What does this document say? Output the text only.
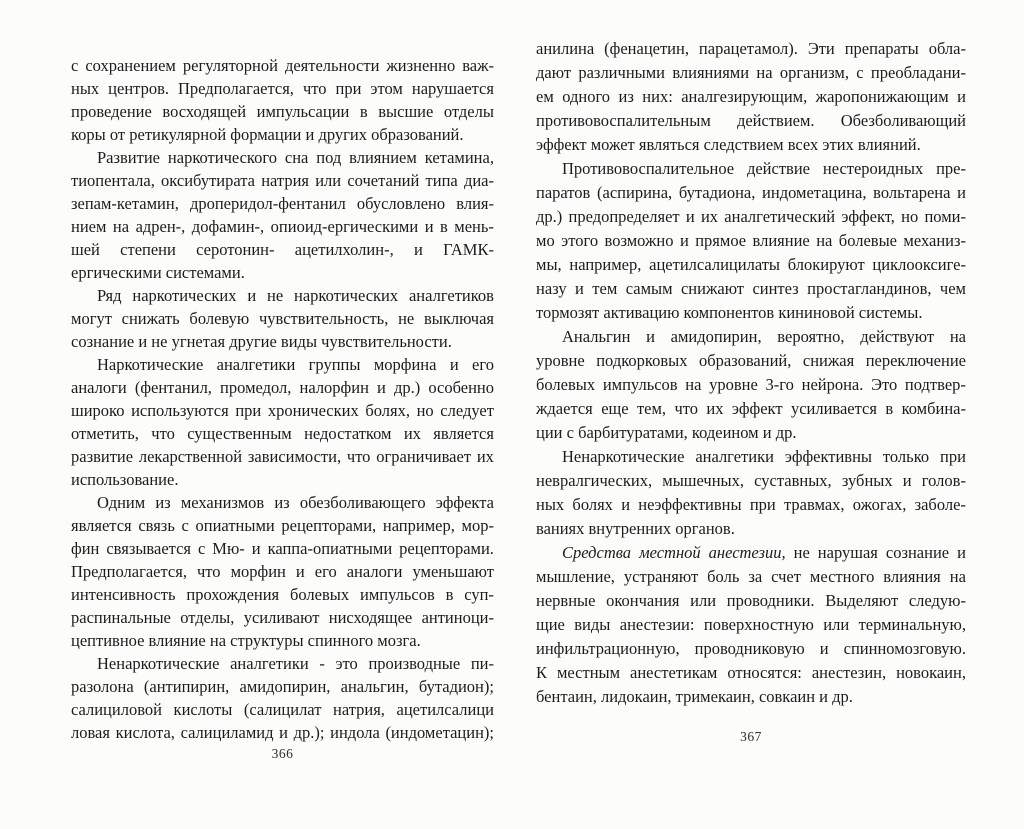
с сохранением регуляторной деятельности жизненно важ-
ных центров. Предполагается, что при этом нарушается
проведение восходящей импульсации в высшие отделы
коры от ретикулярной формации и других образований.

Развитие наркотического сна под влиянием кетамина,
тиопентала, оксибутирата натрия или сочетаний типа диа-
зепам-кетамин, дроперидол-фентанил обусловлено влия-
нием на адрен-, дофамин-, опиоид-ергическими и в мень-
шей степени серотонин- ацетилхолин-, и ГАМК-
ергическими системами.

Ряд наркотических и не наркотических аналгетиков
могут снижать болевую чувствительность, не выключая
сознание и не угнетая другие виды чувствительности.

Наркотические аналгетики группы морфина и его
аналоги (фентанил, промедол, налорфин и др.) особенно
широко используются при хронических болях, но следует
отметить, что существенным недостатком их является
развитие лекарственной зависимости, что ограничивает их
использование.

Одним из механизмов из обезболивающего эффекта
является связь с опиатными рецепторами, например, мор-
фин связывается с Мю- и каппа-опиатными рецепторами.
Предполагается, что морфин и его аналоги уменьшают
интенсивность прохождения болевых импульсов в суп-
распинальные отделы, усиливают нисходящее антиноци-
цептивное влияние на структуры спинного мозга.

Ненаркотические аналгетики - это производные пи-
разолона (антипирин, амидопирин, анальгин, бутадион);
салициловой кислоты (салицилат натрия, ацетилсалици
ловая кислота, салициламид и др.); индола (индометацин);

366

анилина (фенацетин, парацетамол). Эти препараты обла-
дают различными влияниями на организм, с преобладани-
ем одного из них: аналгезирующим, жаропонижающим и
противовоспалительным действием. Обезболивающий
эффект может являться следствием всех этих влияний.

Противовоспалительное действие нестероидных пре-
паратов (аспирина, бутадиона, индометацина, вольтарена и
др.) предопределяет и их аналгетический эффект, но поми-
мо этого возможно и прямое влияние на болевые механиз-
мы, например, ацетилсалицилаты блокируют циклооксиге-
назу и тем самым снижают синтез простагландинов, чем
тормозят активацию компонентов кининовой системы.

Анальгин и амидопирин, вероятно, действуют на
уровне подкорковых образований, снижая переключение
болевых импульсов на уровне 3-го нейрона. Это подтвер-
ждается еще тем, что их эффект усиливается в комбина-
ции с барбитуратами, кодеином и др.

Ненаркотические аналгетики эффективны только при
невралгических, мышечных, суставных, зубных и голов-
ных болях и неэффективны при травмах, ожогах, заболе-
ваниях внутренних органов.

Средства местной анестезии, не нарушая сознание и
мышление, устраняют боль за счет местного влияния на
нервные окончания или проводники. Выделяют следую-
щие виды анестезии: поверхностную или терминальную,
инфильтрационную, проводниковую и спинномозговую.
К местным анестетикам относятся: анестезин, новокаин,
бентаин, лидокаин, тримекаин, совкаин и др.

367
